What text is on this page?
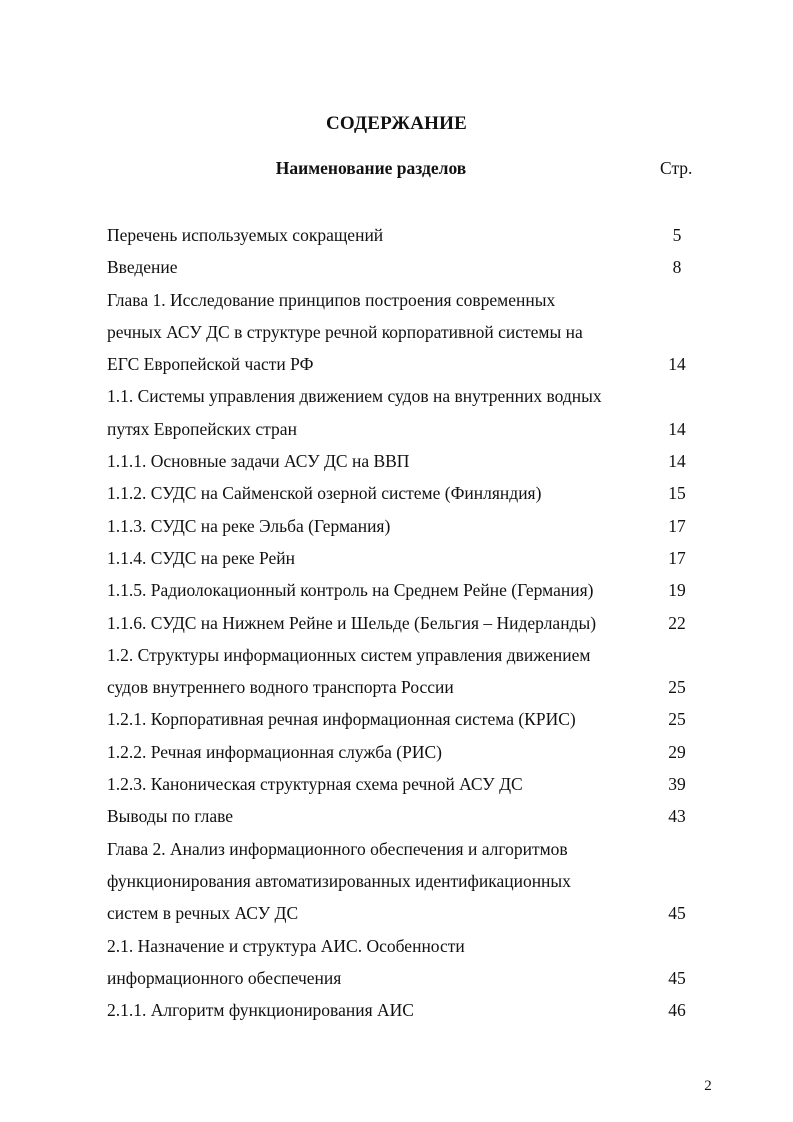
СОДЕРЖАНИЕ
Наименование разделов	Стр.
Перечень используемых сокращений	5
Введение	8
Глава 1. Исследование принципов построения современных
речных АСУ ДС в структуре речной корпоративной системы на
ЕГС Европейской части РФ	14
1.1. Системы управления движением судов на внутренних водных
путях Европейских стран	14
1.1.1. Основные задачи АСУ ДС на ВВП	14
1.1.2. СУДС на Сайменской озерной системе (Финляндия)	15
1.1.3. СУДС на реке Эльба (Германия)	17
1.1.4. СУДС на реке Рейн	17
1.1.5. Радиолокационный контроль на Среднем Рейне (Германия)	19
1.1.6. СУДС на Нижнем Рейне и Шельде (Бельгия – Нидерланды)	22
1.2. Структуры информационных систем управления движением
судов внутреннего водного транспорта России	25
1.2.1. Корпоративная речная информационная система (КРИС)	25
1.2.2. Речная информационная служба (РИС)	29
1.2.3. Каноническая структурная схема речной АСУ ДС	39
Выводы по главе	43
Глава 2. Анализ информационного обеспечения и алгоритмов
функционирования автоматизированных идентификационных
систем в речных АСУ ДС	45
2.1. Назначение и структура АИС. Особенности
информационного обеспечения	45
2.1.1. Алгоритм функционирования АИС	46
2
